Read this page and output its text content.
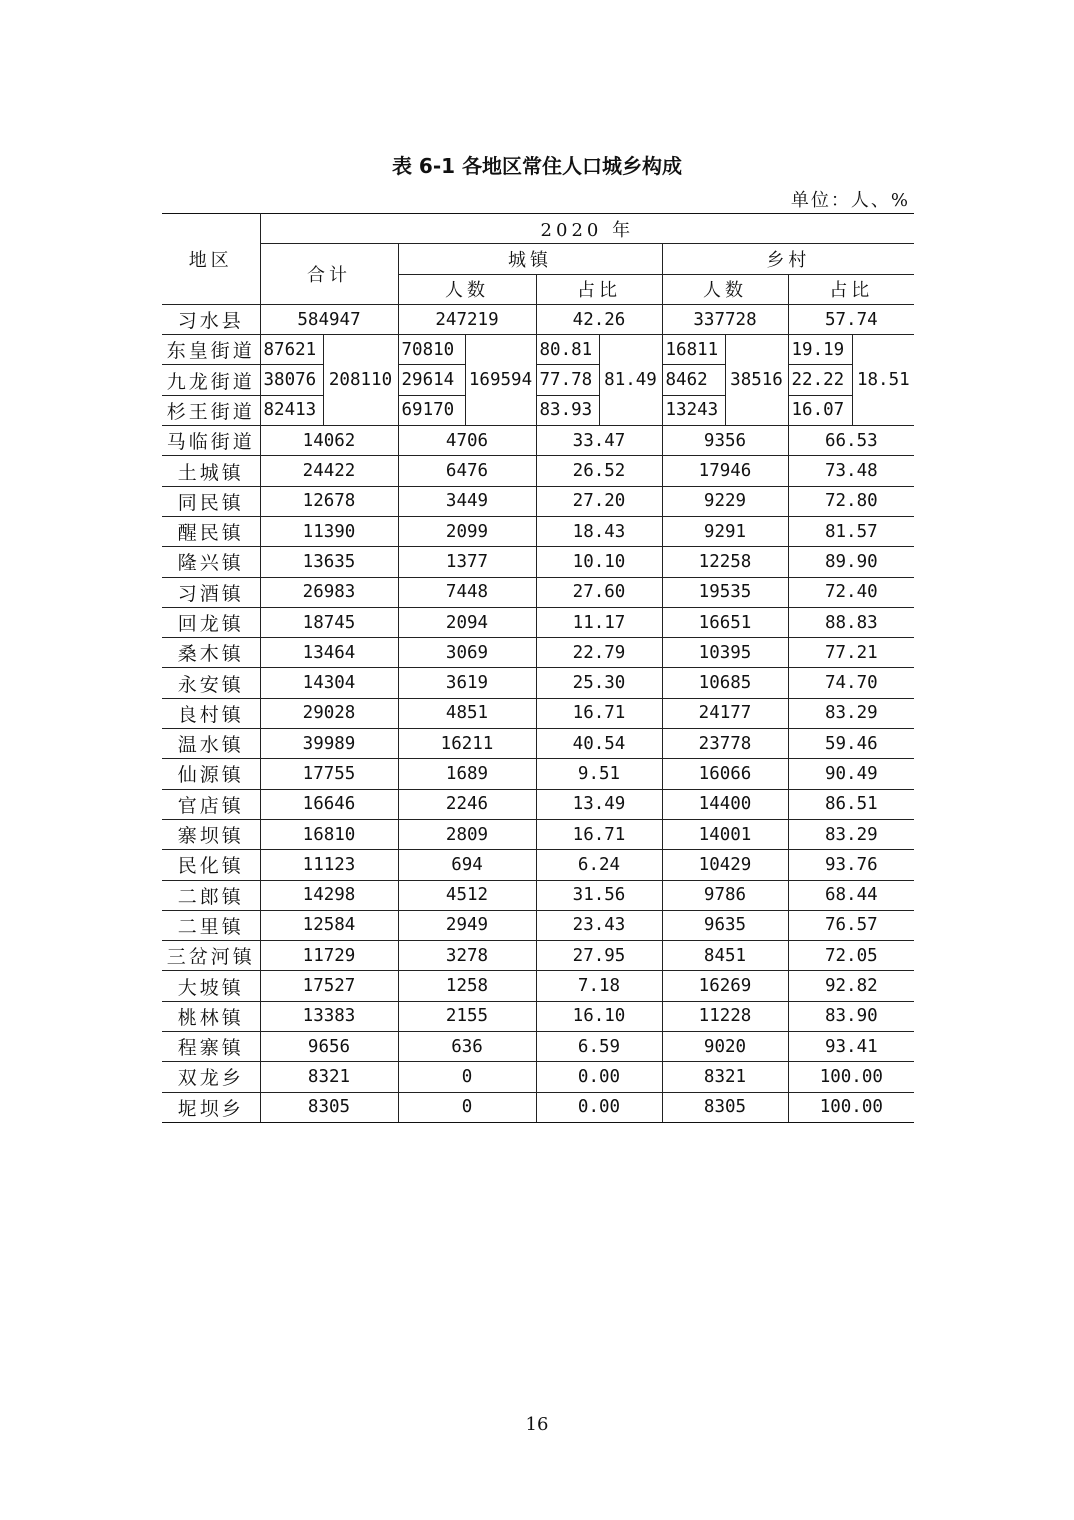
表 6-1 各地区常住人口城乡构成
单位：人、%
地区	2020 年									
	合计		城镇				乡村			
			人数		占比		人数		占比	
习水县	584947		247219		42.26		337728		57.74	
东皇街道	87621	208110	70810	169594	80.81	81.49	16811	38516	19.19	18.51
九龙街道	38076		29614		77.78		8462		22.22	
杉王街道	82413		69170		83.93		13243		16.07	
马临街道	14062		4706		33.47		9356		66.53	
土城镇	24422		6476		26.52		17946		73.48	
同民镇	12678		3449		27.20		9229		72.80	
醒民镇	11390		2099		18.43		9291		81.57	
隆兴镇	13635		1377		10.10		12258		89.90	
习酒镇	26983		7448		27.60		19535		72.40	
回龙镇	18745		2094		11.17		16651		88.83	
桑木镇	13464		3069		22.79		10395		77.21	
永安镇	14304		3619		25.30		10685		74.70	
良村镇	29028		4851		16.71		24177		83.29	
温水镇	39989		16211		40.54		23778		59.46	
仙源镇	17755		1689		9.51		16066		90.49	
官店镇	16646		2246		13.49		14400		86.51	
寨坝镇	16810		2809		16.71		14001		83.29	
民化镇	11123		694		6.24		10429		93.76	
二郎镇	14298		4512		31.56		9786		68.44	
二里镇	12584		2949		23.43		9635		76.57	
三岔河镇	11729		3278		27.95		8451		72.05	
大坡镇	17527		1258		7.18		16269		92.82	
桃林镇	13383		2155		16.10		11228		83.90	
程寨镇	9656		636		6.59		9020		93.41	
双龙乡	8321		0		0.00		8321		100.00	
坭坝乡	8305		0		0.00		8305		100.00	
16
